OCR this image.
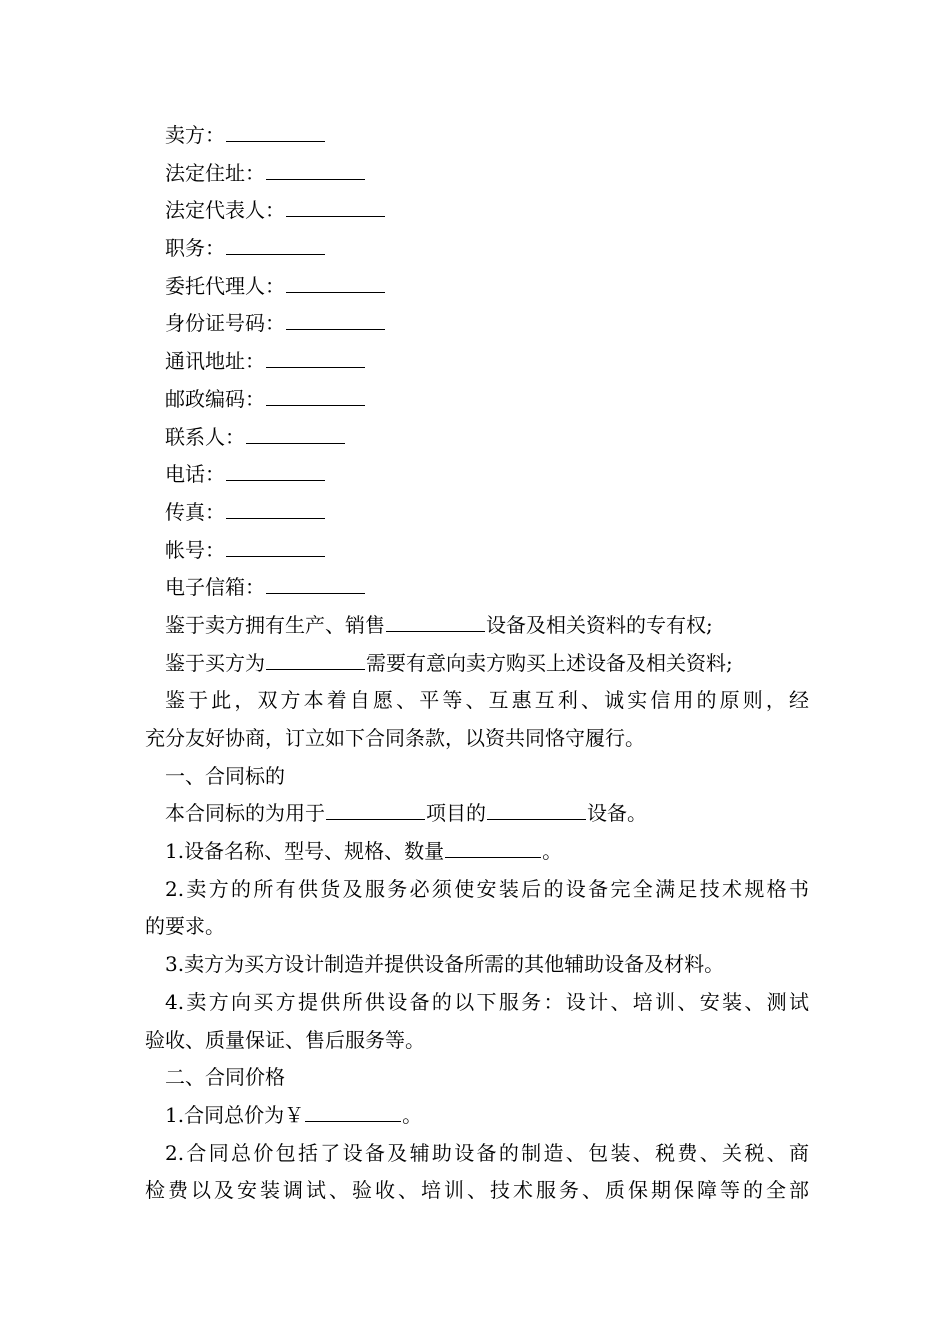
卖方：
法定住址：
法定代表人：
职务：
委托代理人：
身份证号码：
通讯地址：
邮政编码：
联系人：
电话：
传真：
帐号：
电子信箱：
鉴于卖方拥有生产、销售	设备及相关资料的专有权;
鉴于买方为	需要有意向卖方购买上述设备及相关资料;
鉴于此，双方本着自愿、平等、互惠互利、诚实信用的原则，经
充分友好协商，订立如下合同条款，以资共同恪守履行。
一、合同标的
本合同标的为用于	项目的	设备。
1.设备名称、型号、规格、数量	。
2.卖方的所有供货及服务必须使安装后的设备完全满足技术规格书
的要求。
3.卖方为买方设计制造并提供设备所需的其他辅助设备及材料。
4.卖方向买方提供所供设备的以下服务：设计、培训、安装、测试
验收、质量保证、售后服务等。
二、合同价格
1.合同总价为￥	。
2.合同总价包括了设备及辅助设备的制造、包装、税费、关税、商
检费以及安装调试、验收、培训、技术服务、质保期保障等的全部
